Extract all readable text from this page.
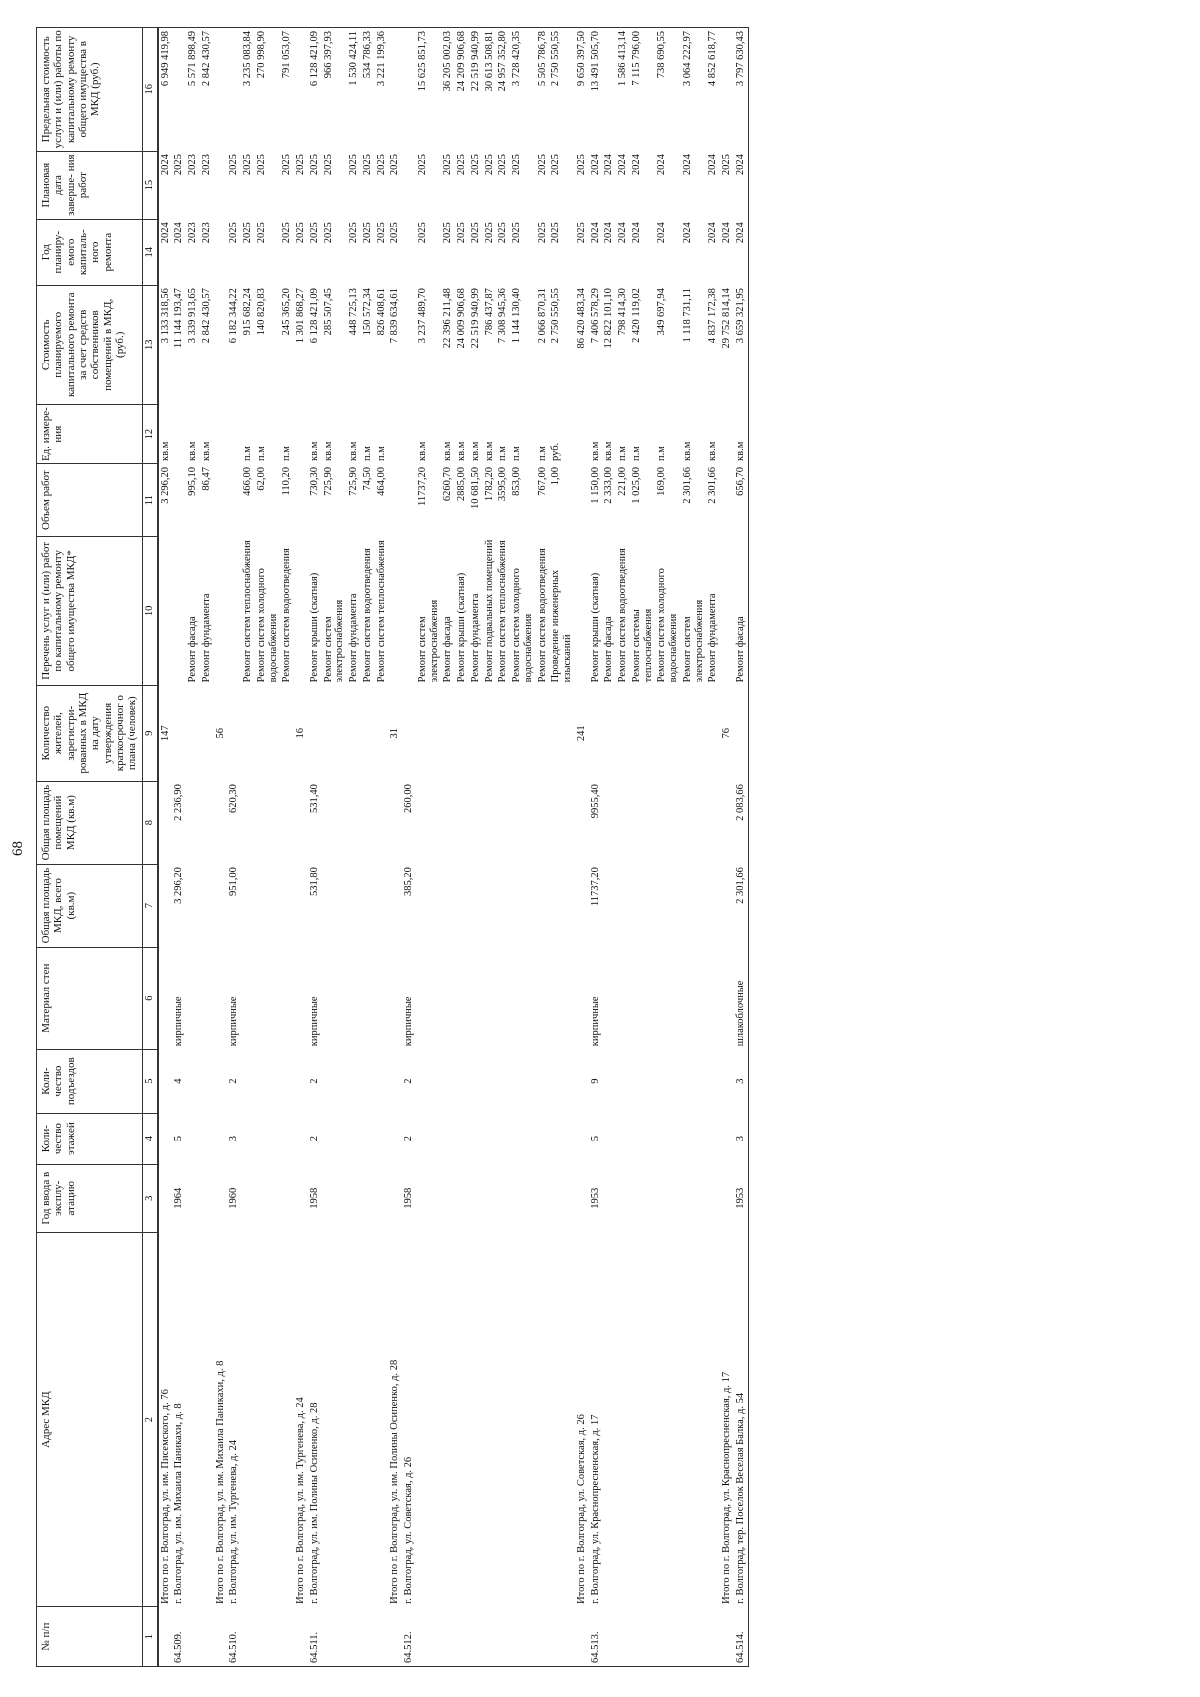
68
№ п/п	Адрес МКД	Год ввода в эксплу- атацию	Коли- чество этажей	Коли- чество подъездов	Материал стен	Общая площадь МКД, всего (кв.м)	Общая площадь помещений МКД (кв.м)	Количество жителей, зарегистри- рованных в МКД на дату утверждения краткосрочног о плана (человек)	Перечень услуг и (или) работ по капитальному ремонту общего имущества МКД*	Объем работ	Ед. измере- ния	Стоимость планируемого капитального ремонта за счет средств собственников помещений в МКД, (руб.)	Год планиру- емого капиталь- ного ремонта	Плановая дата заверше- ния работ	Предельная стоимость услуги и (или) работы по капитальному ремонту общего имущества в МКД (руб.)
1	2	3	4	5	6	7	8	9	10	11	12	13	14	15	16
	Итого по г. Волгоград, ул. им. Писемского, д. 76							147		3 296,20	кв.м	3 133 318,56	2024	2024	6 949 419,98
64.509.	г. Волгоград, ул. им. Михаила Паникахи, д. 8	1964	5	4	кирпичные	3 296,20	2 236,90					11 144 193,47	2024	2025	
									Ремонт фасада	995,10	кв.м	3 339 913,65	2023	2023	5 571 898,49
									Ремонт фундамента	86,47	кв.м	2 842 430,57	2023	2023	2 842 430,57
	Итого по г. Волгоград, ул. им. Михаила Паникахи, д. 8							56							
64.510.	г. Волгоград, ул. им. Тургенева, д. 24	1960	3	2	кирпичные	951,00	620,30					6 182 344,22	2025	2025	
									Ремонт систем теплоснабжения	466,00	п.м	915 682,24	2025	2025	3 235 083,84
									Ремонт систем холодного водоснабжения	62,00	п.м	140 820,83	2025	2025	270 998,90
									Ремонт систем водоотведения	110,20	п.м	245 365,20	2025	2025	791 053,07
	Итого по г. Волгоград, ул. им. Тургенева, д. 24							16				1 301 868,27	2025	2025	
64.511.	г. Волгоград, ул. им. Полины Осипенко, д. 28	1958	2	2	кирпичные	531,80	531,40		Ремонт крыши (скатная)	730,30	кв.м	6 128 421,09	2025	2025	6 128 421,09
									Ремонт систем электроснабжения	725,90	кв.м	285 507,45	2025	2025	966 397,93
									Ремонт фундамента	725,90	кв.м	448 725,13	2025	2025	1 530 424,11
									Ремонт систем водоотведения	74,50	п.м	150 572,34	2025	2025	534 786,33
									Ремонт систем теплоснабжения	464,00	п.м	826 408,61	2025	2025	3 221 199,36
	Итого по г. Волгоград, ул. им. Полины Осипенко, д. 28							31				7 839 634,61	2025	2025	
64.512.	г. Волгоград, ул. Советская, д. 26	1958	2	2	кирпичные	385,20	260,00								
									Ремонт систем электроснабжения	11737,20	кв.м	3 237 489,70	2025	2025	15 625 851,73
									Ремонт фасада	6260,70	кв.м	22 396 211,48	2025	2025	36 205 002,03
									Ремонт крыши (скатная)	2885,00	кв.м	24 009 906,68	2025	2025	24 209 906,68
									Ремонт фундамента	10 681,50	кв.м	22 519 940,99	2025	2025	22 519 940,99
									Ремонт подвальных помещений	1782,20	кв.м	786 437,87	2025	2025	30 613 508,81
									Ремонт систем теплоснабжения	3595,00	п.м	7 308 945,36	2025	2025	24 957 352,80
									Ремонт систем холодного водоснабжения	853,00	п.м	1 144 130,40	2025	2025	3 728 420,35
									Ремонт систем водоотведения	767,00	п.м	2 066 870,31	2025	2025	5 505 786,78
									Проведение инженерных изысканий	1,00	руб.	2 750 550,55	2025	2025	2 750 550,55
	Итого по г. Волгоград, ул. Советская, д. 26							241				86 420 483,34	2025	2025	9 650 397,50
64.513.	г. Волгоград, ул. Краснопресненская, д. 17	1953	5	9	кирпичные	11737,20	9955,40		Ремонт крыши (скатная)	1 150,00	кв.м	7 406 578,29	2024	2024	13 491 505,70
									Ремонт фасада	2 333,00	кв.м	12 822 101,10	2024	2024	
									Ремонт систем водоотведения	221,00	п.м	798 414,30	2024	2024	1 586 413,14
									Ремонт системы теплоснабжения	1 025,00	п.м	2 420 119,02	2024	2024	7 115 796,00
									Ремонт систем холодного водоснабжения	169,00	п.м	349 697,94	2024	2024	738 690,55
									Ремонт систем электроснабжения	2 301,66	кв.м	1 118 731,11	2024	2024	3 064 222,97
									Ремонт фундамента	2 301,66	кв.м	4 837 172,38	2024	2024	4 852 618,77
	Итого по г. Волгоград, ул. Краснопресненская, д. 17							76				29 752 814,14	2024	2025	
64.514.	г. Волгоград, тер. Поселок Веселая Балка, д. 54	1953	3	3	шлакоблочные	2 301,66	2 083,66		Ремонт фасада	656,70	кв.м	3 659 321,95	2024	2024	3 797 630,43
